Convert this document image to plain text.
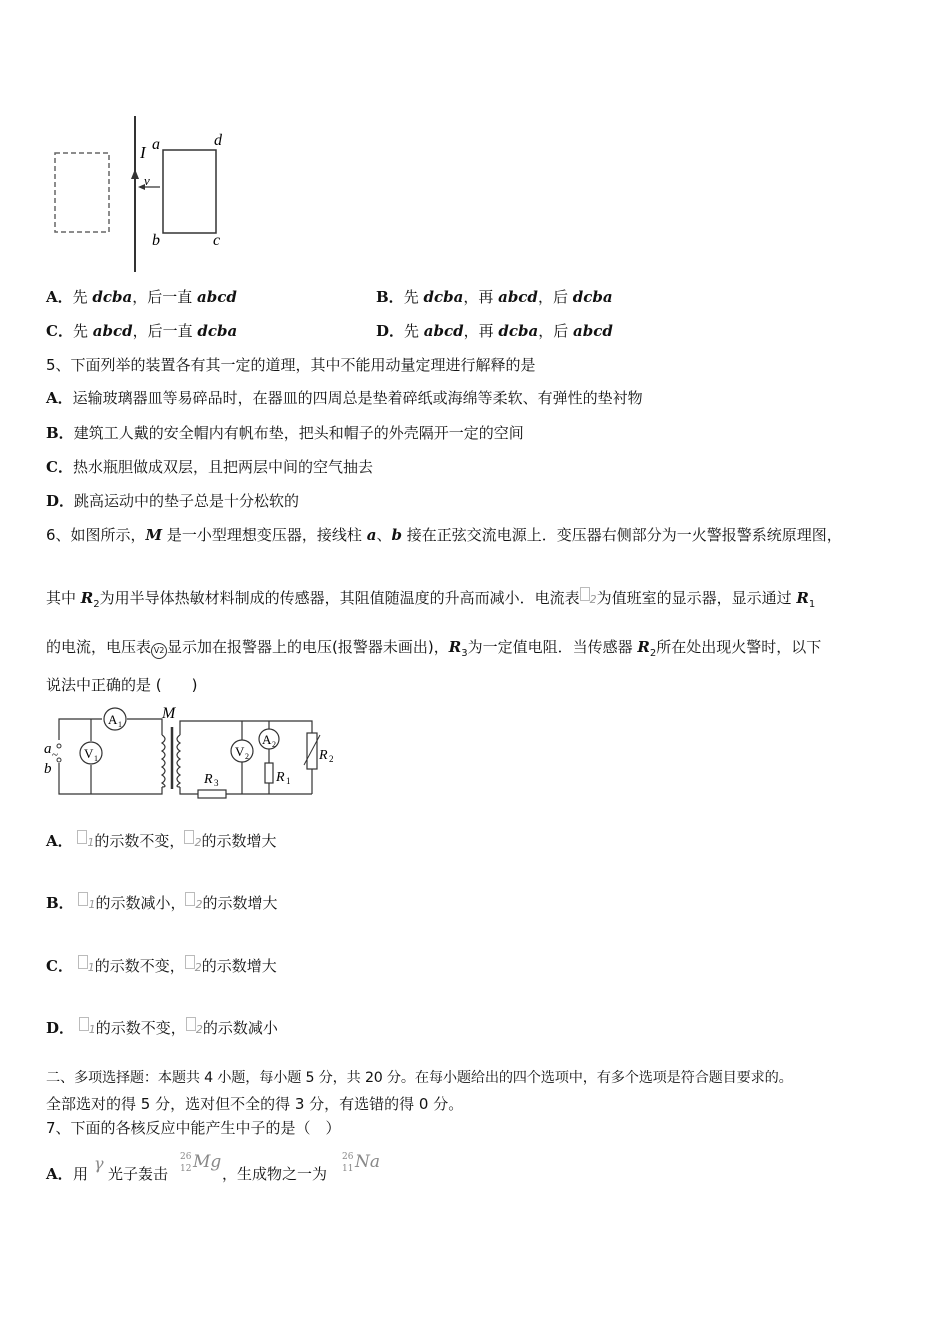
I a	d
v
b	c
A．先 dcba，后一直 abcd	B．先 dcba，再 abcd，后 dcba
C．先 abcd，后一直 dcba	D．先 abcd，再 dcba，后 abcd
5、下面列举的装置各有其一定的道理，其中不能用动量定理进行解释的是
A．运输玻璃器皿等易碎品时，在器皿的四周总是垫着碎纸或海绵等柔软、有弹性的垫衬物
B．建筑工人戴的安全帽内有帆布垫，把头和帽子的外壳隔开一定的空间
C．热水瓶胆做成双层，且把两层中间的空气抽去
D．跳高运动中的垫子总是十分松软的
6、如图所示，M 是一小型理想变压器，接线柱 a、b 接在正弦交流电源上．变压器右侧部分为一火警报警系统原理图，
其中 $R_2$为用半导体热敏材料制成的传感器，其阻值随温度的升高而减小．电流表 2为值班室的显示器，显示通过 $R_1$
的电流，电压表 V2 显示加在报警器上的电压(报警器未画出)，$R_3$为一定值电阻．当传感器 $R_2$所在处出现火警时，以下
说法中正确的是 (　　)
a
b
~
A 1
V 1	V 2
A 2
R 1
R 2
R 3
M
A． 1的示数不变， 2的示数增大
B． 1的示数减小， 2的示数增大
C． 1的示数不变， 2的示数增大
D． 1的示数不变， 2的示数减小
二、多项选择题：本题共 4 小题，每小题 5 分，共 20 分。在每小题给出的四个选项中，有多个选项是符合题目要求的。
全部选对的得 5 分，选对但不全的得 3 分，有选错的得 0 分。
7、下面的各核反应中能产生中子的是（　）
A． 用
γ
光子轰击
26
12 Mg
，生成物之一为
26
11 Na
